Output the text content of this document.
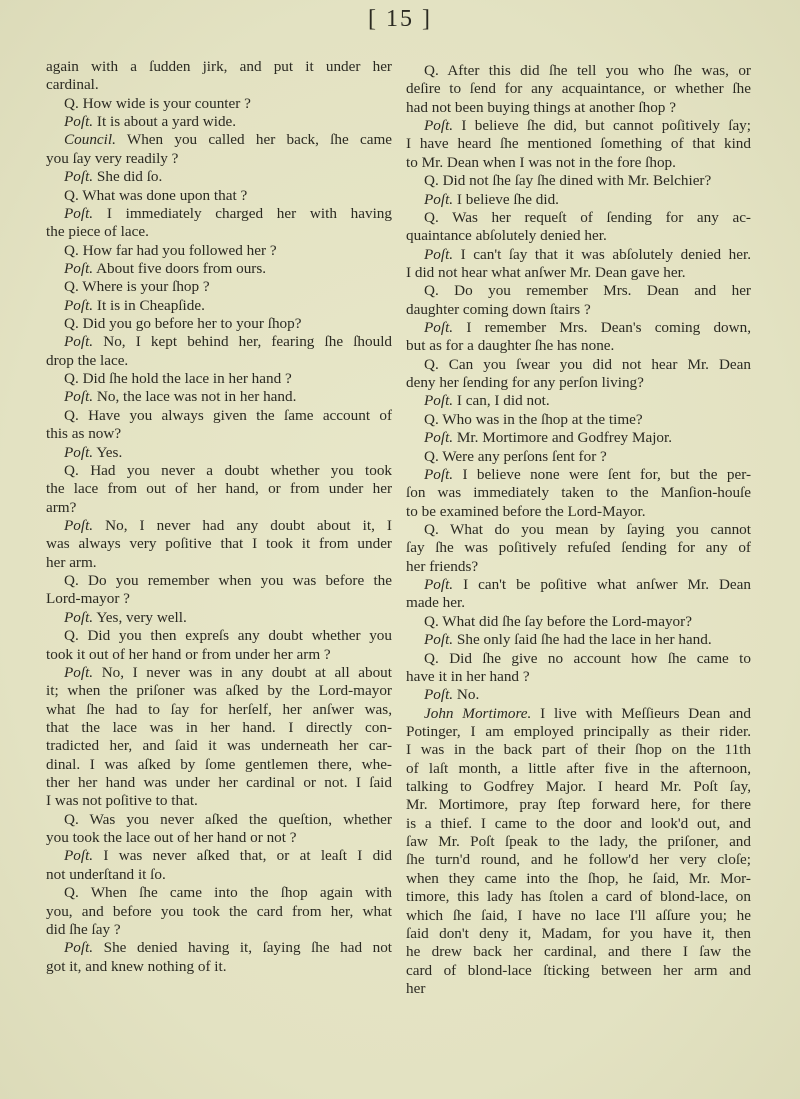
[ 15 ]
again with a ſudden jirk, and put it under her
cardinal.
Q. How wide is your counter ?
Poſt. It is about a yard wide.
Council. When you called her back, ſhe came
you ſay very readily ?
Poſt. She did ſo.
Q. What was done upon that ?
Poſt. I immediately charged her with having
the piece of lace.
Q. How far had you followed her ?
Poſt. About five doors from ours.
Q. Where is your ſhop ?
Poſt. It is in Cheapſide.
Q. Did you go before her to your ſhop?
Poſt. No, I kept behind her, fearing ſhe ſhould
drop the lace.
Q. Did ſhe hold the lace in her hand ?
Poſt. No, the lace was not in her hand.
Q. Have you always given the ſame account of
this as now?
Poſt. Yes.
Q. Had you never a doubt whether you took
the lace from out of her hand, or from under her
arm?
Poſt. No, I never had any doubt about it, I
was always very poſitive that I took it from under
her arm.
Q. Do you remember when you was before the
Lord-mayor ?
Poſt. Yes, very well.
Q. Did you then expreſs any doubt whether you
took it out of her hand or from under her arm ?
Poſt. No, I never was in any doubt at all about
it; when the priſoner was aſked by the Lord-mayor
what ſhe had to ſay for herſelf, her anſwer was,
that the lace was in her hand. I directly con-
tradicted her, and ſaid it was underneath her car-
dinal. I was aſked by ſome gentlemen there, whe-
ther her hand was under her cardinal or not. I ſaid
I was not poſitive to that.
Q. Was you never aſked the queſtion, whether
you took the lace out of her hand or not ?
Poſt. I was never aſked that, or at leaſt I did
not underſtand it ſo.
Q. When ſhe came into the ſhop again with
you, and before you took the card from her, what
did ſhe ſay ?
Poſt. She denied having it, ſaying ſhe had not
got it, and knew nothing of it.
Q. After this did ſhe tell you who ſhe was, or
deſire to ſend for any acquaintance, or whether ſhe
had not been buying things at another ſhop ?
Poſt. I believe ſhe did, but cannot poſitively ſay;
I have heard ſhe mentioned ſomething of that kind
to Mr. Dean when I was not in the fore ſhop.
Q. Did not ſhe ſay ſhe dined with Mr. Belchier?
Poſt. I believe ſhe did.
Q. Was her requeſt of ſending for any ac-
quaintance abſolutely denied her.
Poſt. I can't ſay that it was abſolutely denied her.
I did not hear what anſwer Mr. Dean gave her.
Q. Do you remember Mrs. Dean and her
daughter coming down ſtairs ?
Poſt. I remember Mrs. Dean's coming down,
but as for a daughter ſhe has none.
Q. Can you ſwear you did not hear Mr. Dean
deny her ſending for any perſon living?
Poſt. I can, I did not.
Q. Who was in the ſhop at the time?
Poſt. Mr. Mortimore and Godfrey Major.
Q. Were any perſons ſent for ?
Poſt. I believe none were ſent for, but the per-
ſon was immediately taken to the Manſion-houſe
to be examined before the Lord-Mayor.
Q. What do you mean by ſaying you cannot
ſay ſhe was poſitively refuſed ſending for any of
her friends?
Poſt. I can't be poſitive what anſwer Mr. Dean
made her.
Q. What did ſhe ſay before the Lord-mayor?
Poſt. She only ſaid ſhe had the lace in her hand.
Q. Did ſhe give no account how ſhe came to
have it in her hand ?
Poſt. No.
John Mortimore. I live with Meſſieurs Dean and
Potinger, I am employed principally as their rider.
I was in the back part of their ſhop on the 11th
of laſt month, a little after five in the afternoon,
talking to Godfrey Major. I heard Mr. Poſt ſay,
Mr. Mortimore, pray ſtep forward here, for there
is a thief. I came to the door and look'd out, and
ſaw Mr. Poſt ſpeak to the lady, the priſoner, and
ſhe turn'd round, and he follow'd her very cloſe;
when they came into the ſhop, he ſaid, Mr. Mor-
timore, this lady has ſtolen a card of blond-lace, on
which ſhe ſaid, I have no lace I'll aſſure you; he
ſaid don't deny it, Madam, for you have it, then
he drew back her cardinal, and there I ſaw the
card of blond-lace ſticking between her arm and
her
